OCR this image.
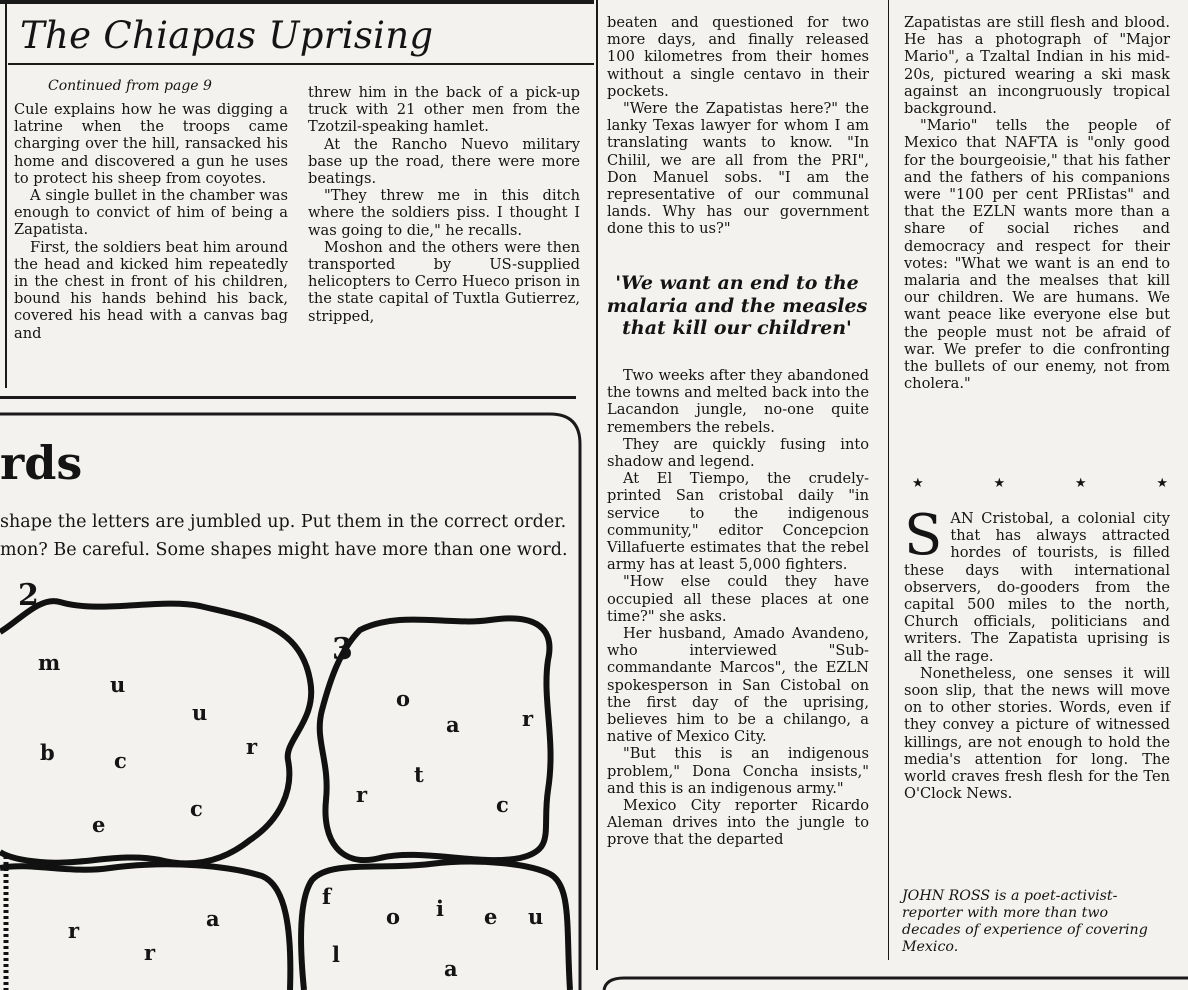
The Chiapas Uprising
Continued from page 9

Cule explains how he was digging a latrine when the troops came charging over the hill, ransacked his home and discovered a gun he uses to protect his sheep from coyotes.

A single bullet in the chamber was enough to convict of him of being a Zapatista.

First, the soldiers beat him around the head and kicked him repeatedly in the chest in front of his children, bound his hands behind his back, covered his head with a canvas bag and

threw him in the back of a pick-up truck with 21 other men from the Tzotzil-speaking hamlet.

At the Rancho Nuevo military base up the road, there were more beatings.

"They threw me in this ditch where the soldiers piss. I thought I was going to die," he recalls.

Moshon and the others were then transported by US-supplied helicopters to Cerro Hueco prison in the state capital of Tuxtla Gutierrez, stripped,

beaten and questioned for two more days, and finally released 100 kilometres from their homes without a single centavo in their pockets.

"Were the Zapatistas here?" the lanky Texas lawyer for whom I am translating wants to know. "In Chilil, we are all from the PRI", Don Manuel sobs. "I am the representative of our communal lands. Why has our government done this to us?"

'We want an end to the malaria and the measles that kill our children'

Two weeks after they abandoned the towns and melted back into the Lacandon jungle, no-one quite remembers the rebels.

They are quickly fusing into shadow and legend.

At El Tiempo, the crudely-printed San cristobal daily "in service to the indigenous community," editor Concepcion Villafuerte estimates that the rebel army has at least 5,000 fighters.

"How else could they have occupied all these places at one time?" she asks.

Her husband, Amado Avandeno, who interviewed "Sub-commandante Marcos", the EZLN spokesperson in San Cistobal on the first day of the uprising, believes him to be a chilango, a native of Mexico City.

"But this is an indigenous problem," Dona Concha insists," and this is an indigenous army."

Mexico City reporter Ricardo Aleman drives into the jungle to prove that the departed

Zapatistas are still flesh and blood. He has a photograph of "Major Mario", a Tzaltal Indian in his mid-20s, pictured wearing a ski mask against an incongruously tropical background.

"Mario" tells the people of Mexico that NAFTA is "only good for the bourgeoisie," that his father and the fathers of his companions were "100 per cent PRIistas" and that the EZLN wants more than a share of social riches and democracy and respect for their votes: "What we want is an end to malaria and the mealses that kill our children. We are humans. We want peace like everyone else but the people must not be afraid of war. We prefer to die confronting the bullets of our enemy, not from cholera."

★	★	★	★

SAN Cristobal, a colonial city that has always attracted hordes of tourists, is filled these days with international observers, do-gooders from the capital 500 miles to the north, Church officials, politicians and writers. The Zapatista uprising is all the rage.

Nonetheless, one senses it will soon slip, that the news will move on to other stories. Words, even if they convey a picture of witnessed killings, are not enough to hold the media's attention for long. The world craves fresh flesh for the Ten O'Clock News.

JOHN ROSS is a poet-activist-reporter with more than two decades of experience of covering Mexico.
rds
shape the letters are jumbled up. Put them in the correct order.
mon? Be careful. Some shapes might have more than one word.
2
m
u
u
b	c
r
e
c
3
o
a	r
t
r	c
a
r
r
f
o i e u
l
a
